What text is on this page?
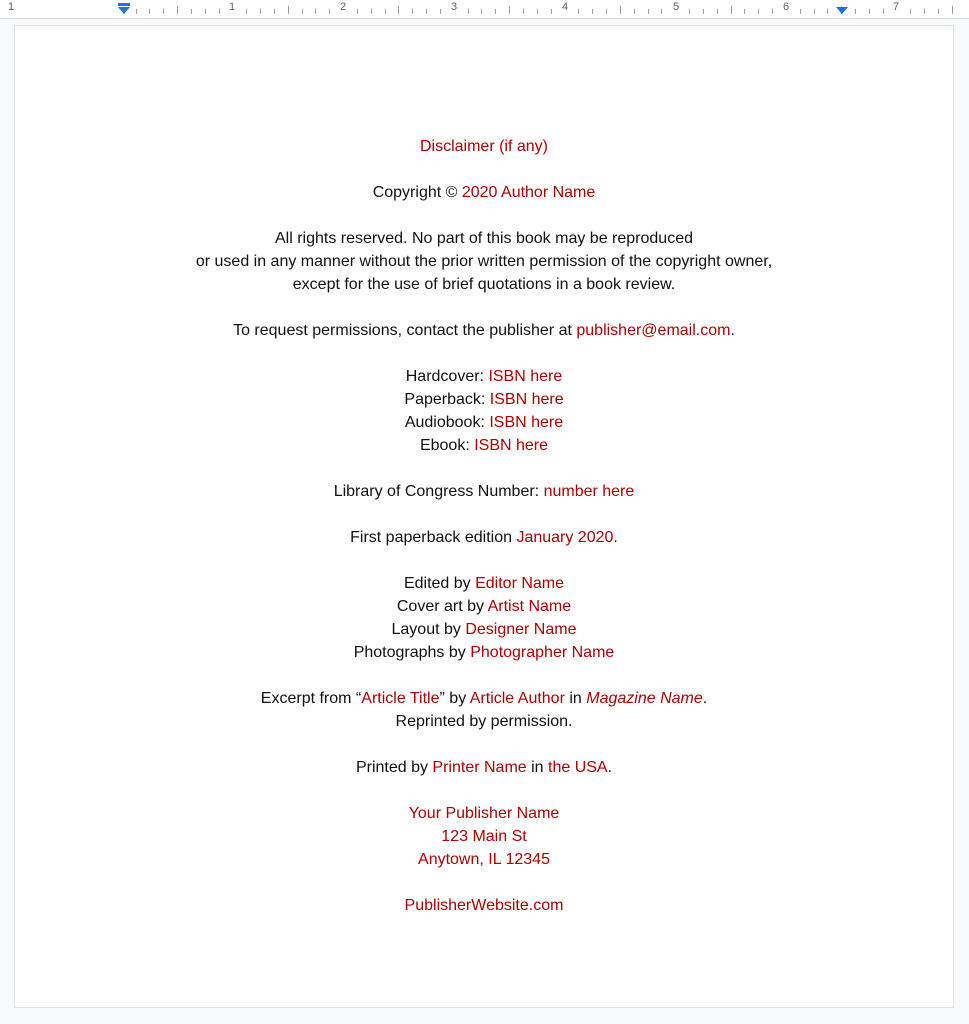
1	1	2	3	4	5	6	7

Disclaimer (if any)

Copyright © 2020 Author Name

All rights reserved. No part of this book may be reproduced

or used in any manner without the prior written permission of the copyright owner,

except for the use of brief quotations in a book review.

To request permissions, contact the publisher at publisher@email.com.

Hardcover: ISBN here

Paperback: ISBN here

Audiobook: ISBN here

Ebook: ISBN here

Library of Congress Number: number here

First paperback edition January 2020.

Edited by Editor Name

Cover art by Artist Name

Layout by Designer Name

Photographs by Photographer Name

Excerpt from “Article Title” by Article Author in Magazine Name.

Reprinted by permission.

Printed by Printer Name in the USA.

Your Publisher Name

123 Main St

Anytown, IL 12345

PublisherWebsite.com
